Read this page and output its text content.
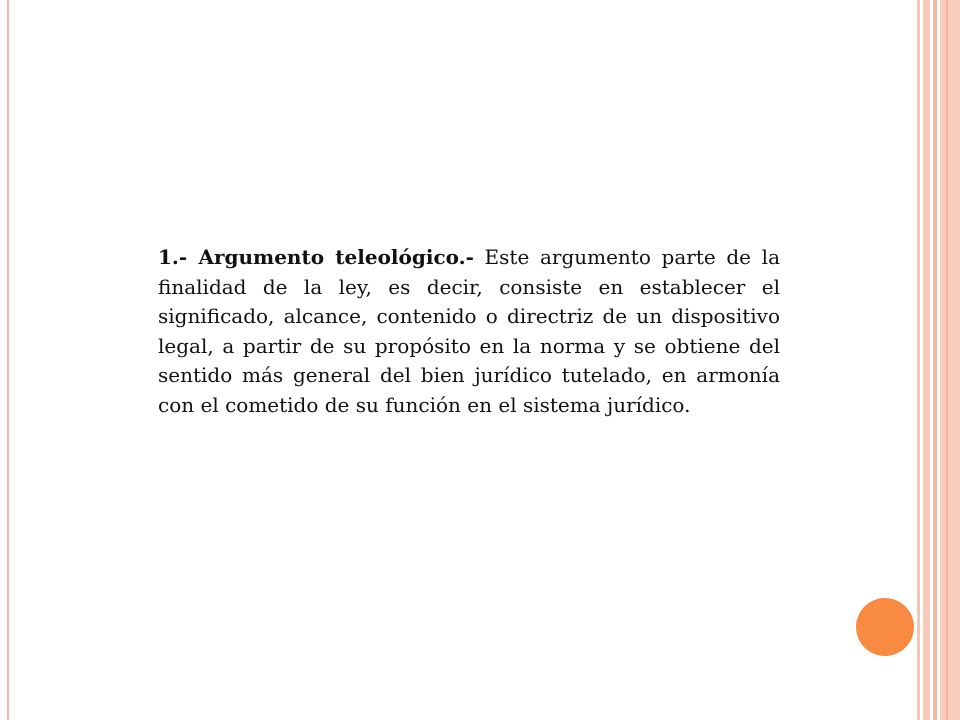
1.- Argumento teleológico.- Este argumento parte de la finalidad de la ley, es decir, consiste en establecer el significado, alcance, contenido o directriz de un dispositivo legal, a partir de su propósito en la norma y se obtiene del sentido más general del bien jurídico tutelado, en armonía con el cometido de su función en el sistema jurídico.
